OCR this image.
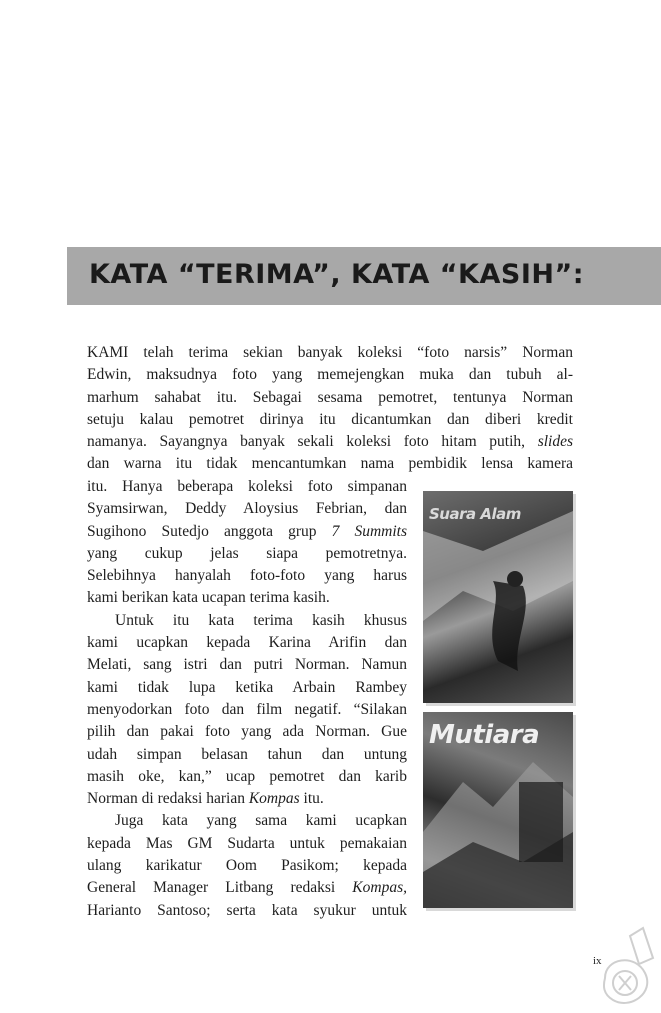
KATA “TERIMA”, KATA “KASIH”:
KAMI telah terima sekian banyak koleksi “foto narsis” Norman
Edwin, maksudnya foto yang memejengkan muka dan tubuh al-
marhum sahabat itu. Sebagai sesama pemotret, tentunya Norman
setuju kalau pemotret dirinya itu dicantumkan dan diberi kredit
namanya. Sayangnya banyak sekali koleksi foto hitam putih, slides
dan warna itu tidak mencantumkan nama pembidik lensa kamera
itu. Hanya beberapa koleksi foto simpanan
Syamsirwan, Deddy Aloysius Febrian, dan
Sugihono Sutedjo anggota grup 7 Summits
yang cukup jelas siapa pemotretnya.
Selebihnya hanyalah foto-foto yang harus
kami berikan kata ucapan terima kasih.
Untuk itu kata terima kasih khusus
kami ucapkan kepada Karina Arifin dan
Melati, sang istri dan putri Norman. Namun
kami tidak lupa ketika Arbain Rambey
menyodorkan foto dan film negatif. “Silakan
pilih dan pakai foto yang ada Norman. Gue
udah simpan belasan tahun dan untung
masih oke, kan,” ucap pemotret dan karib
Norman di redaksi harian Kompas itu.
Juga kata yang sama kami ucapkan
kepada Mas GM Sudarta untuk pemakaian
ulang karikatur Oom Pasikom; kepada
General Manager Litbang redaksi Kompas,
Harianto Santoso; serta kata syukur untuk
Suara Alam
Mutiara
ix
